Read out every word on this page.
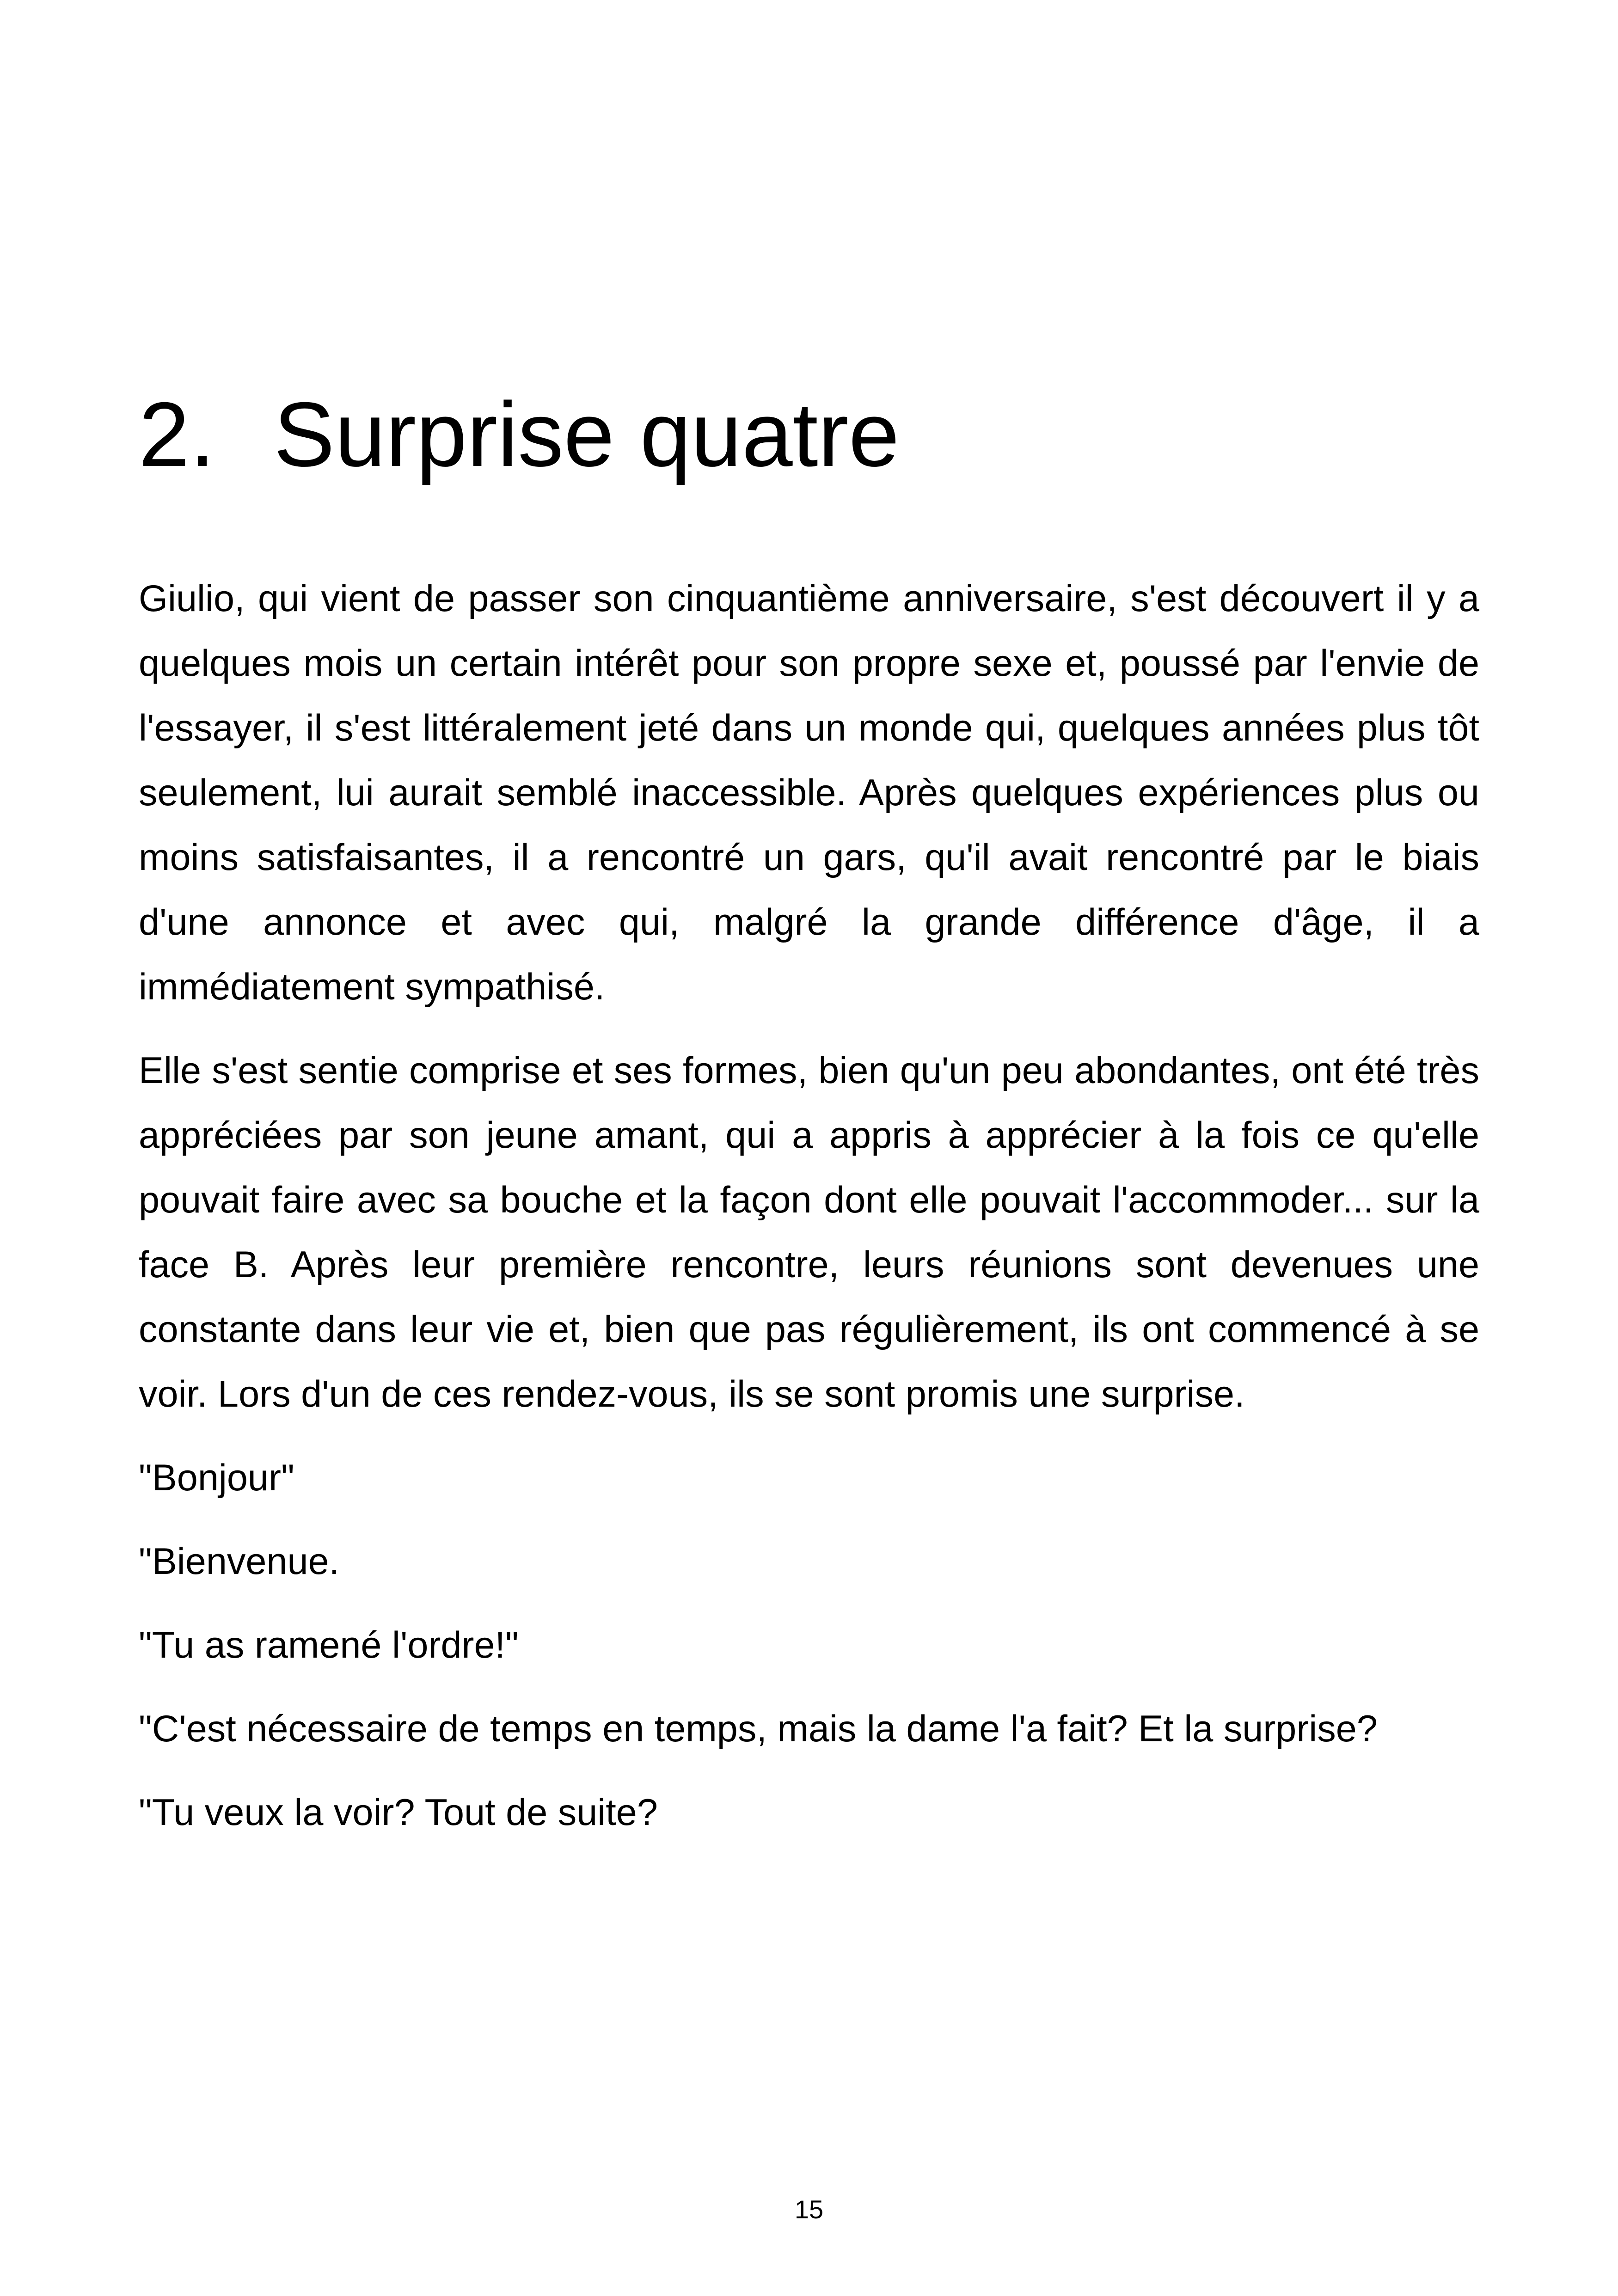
2. Surprise quatre

Giulio, qui vient de passer son cinquantième anniversaire, s'est découvert il y a quelques mois un certain intérêt pour son propre sexe et, poussé par l'envie de l'essayer, il s'est littéralement jeté dans un monde qui, quelques années plus tôt seulement, lui aurait semblé inaccessible. Après quelques expériences plus ou moins satisfaisantes, il a rencontré un gars, qu'il avait rencontré par le biais d'une annonce et avec qui, malgré la grande différence d'âge, il a immédiatement sympathisé.

Elle s'est sentie comprise et ses formes, bien qu'un peu abondantes, ont été très appréciées par son jeune amant, qui a appris à apprécier à la fois ce qu'elle pouvait faire avec sa bouche et la façon dont elle pouvait l'accommoder... sur la face B. Après leur première rencontre, leurs réunions sont devenues une constante dans leur vie et, bien que pas régulièrement, ils ont commencé à se voir. Lors d'un de ces rendez-vous, ils se sont promis une surprise.

"Bonjour"

"Bienvenue.

"Tu as ramené l'ordre!"

"C'est nécessaire de temps en temps, mais la dame l'a fait? Et la surprise?

"Tu veux la voir? Tout de suite?

15
